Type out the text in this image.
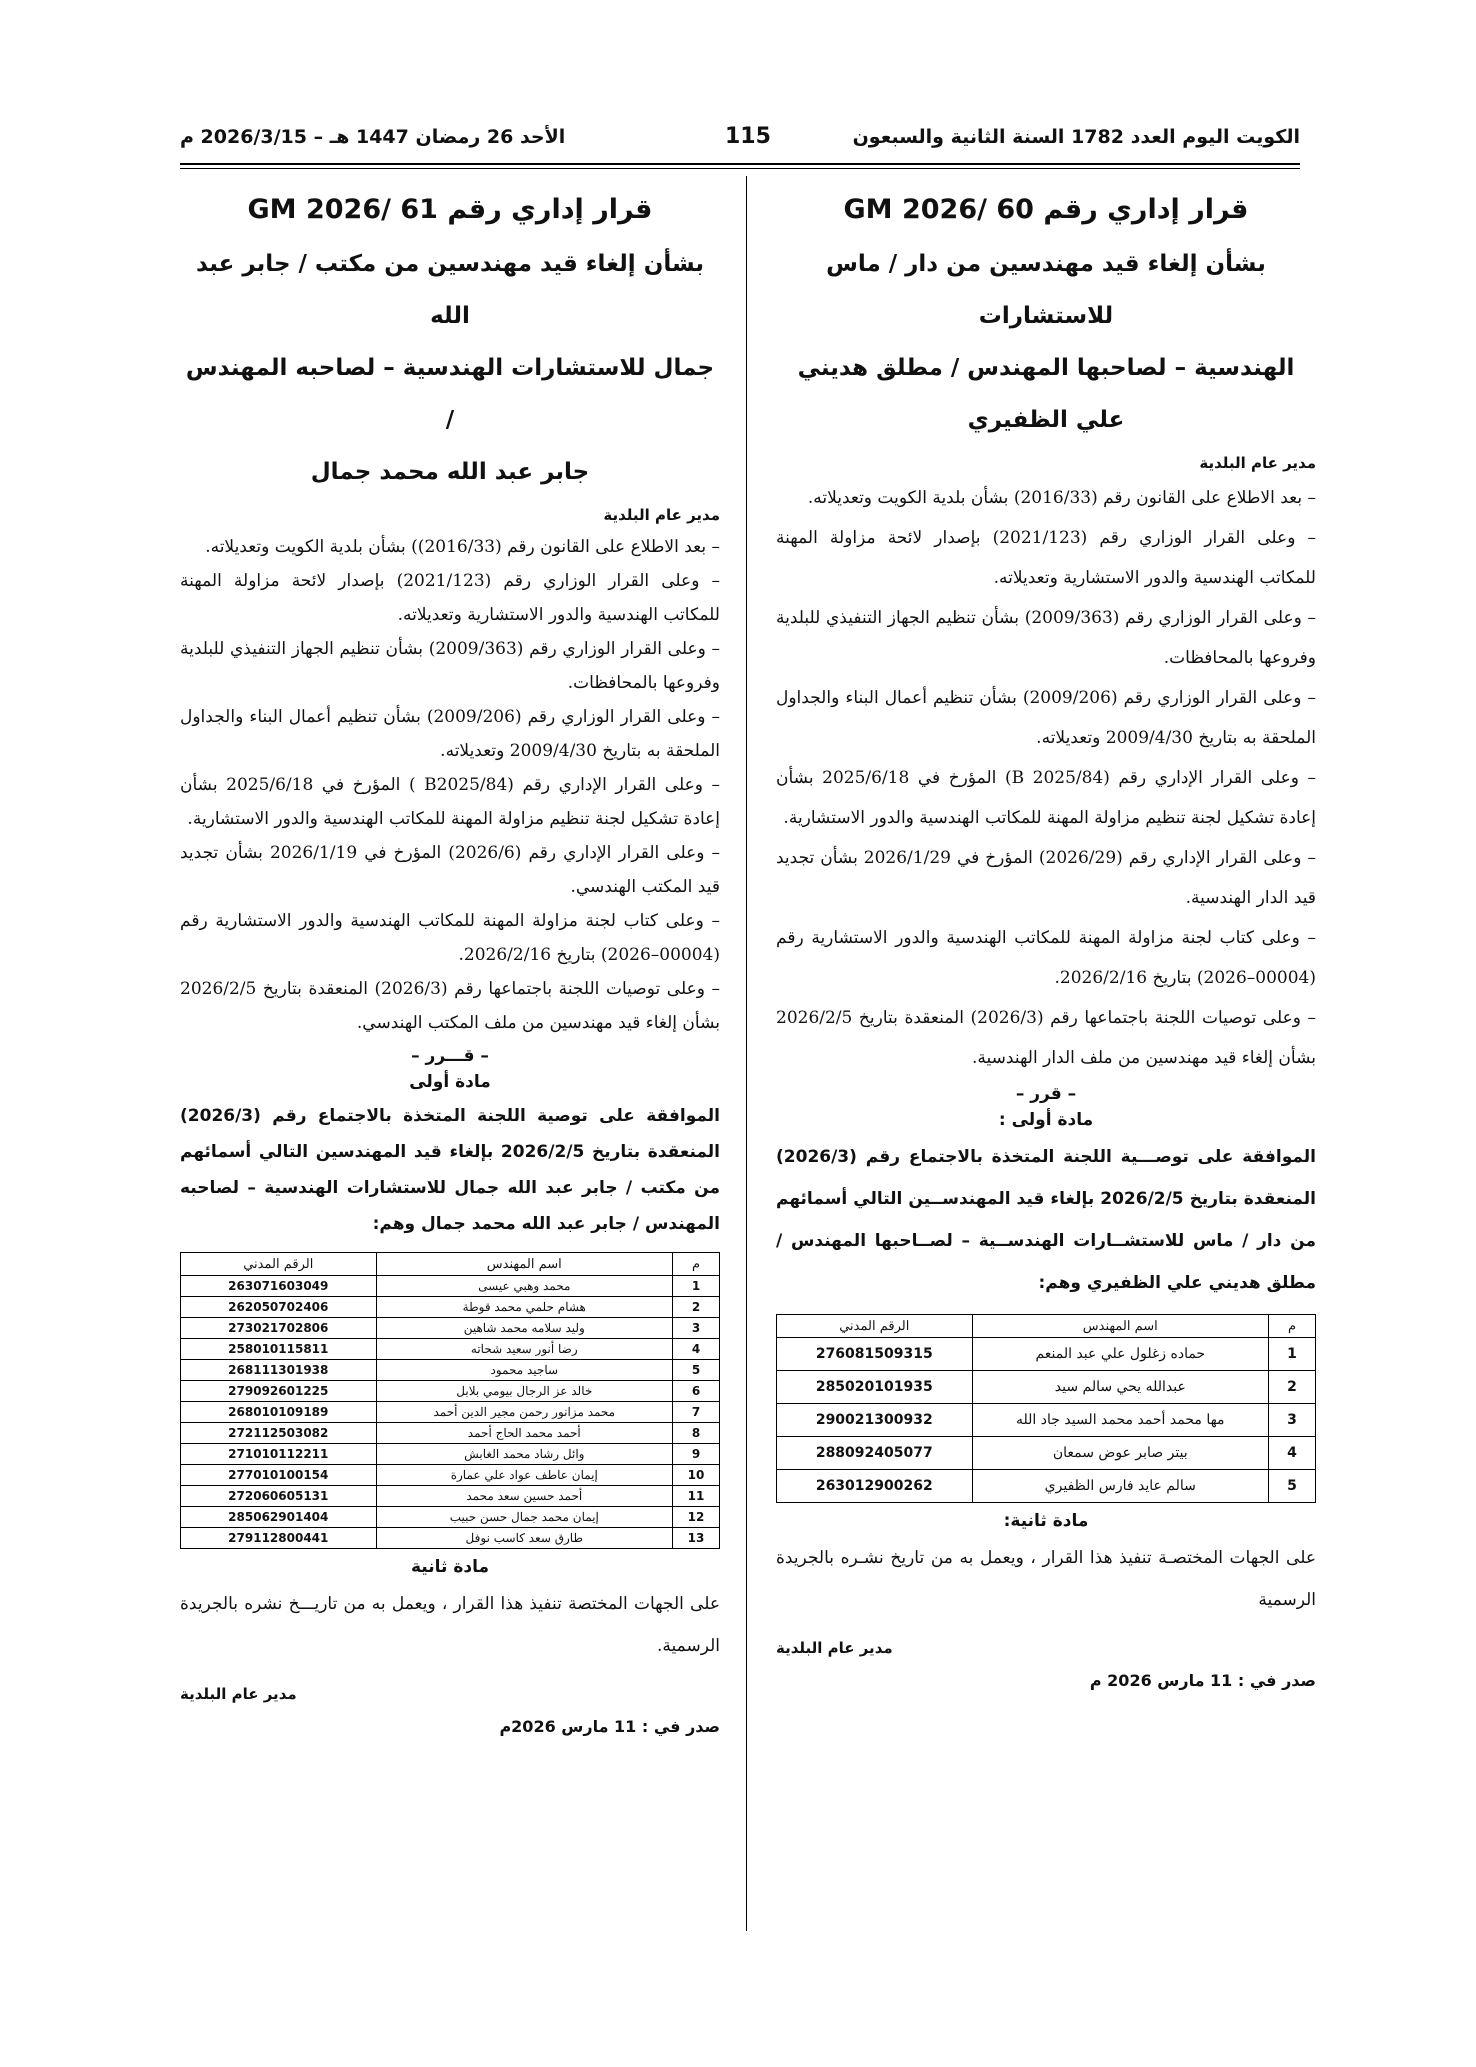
الأحد 26 رمضان 1447 هـ – 2026/3/15 م	115	الكويت اليوم العدد 1782 السنة الثانية والسبعون
قرار إداري رقم 60 /2026 GM
بشأن إلغاء قيد مهندسين من دار / ماس للاستشارات
الهندسية – لصاحبها المهندس / مطلق هديني علي الظفيري
مدير عام البلدية
– بعد الاطلاع على القانون رقم (2016/33) بشأن بلدية الكويت وتعديلاته.
– وعلى القرار الوزاري رقم (2021/123) بإصدار لائحة مزاولة المهنة للمكاتب الهندسية والدور الاستشارية وتعديلاته.
– وعلى القرار الوزاري رقم (2009/363) بشأن تنظيم الجهاز التنفيذي للبلدية وفروعها بالمحافظات.
– وعلى القرار الوزاري رقم (2009/206) بشأن تنظيم أعمال البناء والجداول الملحقة به بتاريخ 2009/4/30 وتعديلاته.
– وعلى القرار الإداري رقم (B 2025/84) المؤرخ في 2025/6/18 بشأن إعادة تشكيل لجنة تنظيم مزاولة المهنة للمكاتب الهندسية والدور الاستشارية.
– وعلى القرار الإداري رقم (2026/29) المؤرخ في 2026/1/29 بشأن تجديد قيد الدار الهندسية.
– وعلى كتاب لجنة مزاولة المهنة للمكاتب الهندسية والدور الاستشارية رقم (00004–2026) بتاريخ 2026/2/16.
– وعلى توصيات اللجنة باجتماعها رقم (2026/3) المنعقدة بتاريخ 2026/2/5 بشأن إلغاء قيد مهندسين من ملف الدار الهندسية.
– قرر –
مادة أولى :
الموافقة على توصـــية اللجنة المتخذة بالاجتماع رقم (2026/3) المنعقدة بتاريخ 2026/2/5 بإلغاء قيد المهندســين التالي أسمائهم من دار / ماس للاستشــارات الهندســية – لصــاحبها المهندس / مطلق هديني علي الظفيري وهم:
م	اسم المهندس	الرقم المدني
1	حماده زغلول علي عبد المنعم	276081509315
2	عبدالله يحي سالم سيد	285020101935
3	مها محمد أحمد محمد السيد جاد الله	290021300932
4	بيتر صابر عوض سمعان	288092405077
5	سالم عايد فارس الظفيري	263012900262
مادة ثانية:
على الجهات المختصـة تنفيذ هذا القرار ، ويعمل به من تاريخ نشـره بالجريدة الرسمية
مدير عام البلدية
صدر في : 11 مارس 2026 م
قرار إداري رقم 61 /2026 GM
بشأن إلغاء قيد مهندسين من مكتب / جابر عبد الله
جمال للاستشارات الهندسية – لصاحبه المهندس /
جابر عبد الله محمد جمال
مدير عام البلدية
– بعد الاطلاع على القانون رقم (2016/33)) بشأن بلدية الكويت وتعديلاته.
– وعلى القرار الوزاري رقم (2021/123) بإصدار لائحة مزاولة المهنة للمكاتب الهندسية والدور الاستشارية وتعديلاته.
– وعلى القرار الوزاري رقم (2009/363) بشأن تنظيم الجهاز التنفيذي للبلدية وفروعها بالمحافظات.
– وعلى القرار الوزاري رقم (2009/206) بشأن تنظيم أعمال البناء والجداول الملحقة به بتاريخ 2009/4/30 وتعديلاته.
– وعلى القرار الإداري رقم (B2025/84 ) المؤرخ في 2025/6/18 بشأن إعادة تشكيل لجنة تنظيم مزاولة المهنة للمكاتب الهندسية والدور الاستشارية.
– وعلى القرار الإداري رقم (2026/6) المؤرخ في 2026/1/19 بشأن تجديد قيد المكتب الهندسي.
– وعلى كتاب لجنة مزاولة المهنة للمكاتب الهندسية والدور الاستشارية رقم (00004–2026) بتاريخ 2026/2/16.
– وعلى توصيات اللجنة باجتماعها رقم (2026/3) المنعقدة بتاريخ 2026/2/5 بشأن إلغاء قيد مهندسين من ملف المكتب الهندسي.
– قـــرر –
مادة أولى
الموافقة على توصية اللجنة المتخذة بالاجتماع رقم (2026/3) المنعقدة بتاريخ 2026/2/5 بإلغاء قيد المهندسين التالي أسمائهم من مكتب / جابر عبد الله جمال للاستشارات الهندسية – لصاحبه المهندس / جابر عبد الله محمد جمال وهم:
م	اسم المهندس	الرقم المدني
1	محمد وهبي عيسى	263071603049
2	هشام حلمي محمد قوطة	262050702406
3	وليد سلامه محمد شاهين	273021702806
4	رضا أنور سعيد شحاته	258010115811
5	ساجيد محمود	268111301938
6	خالد عز الرجال بيومي بلابل	279092601225
7	محمد مزانور رحمن مجير الدين أحمد	268010109189
8	أحمد محمد الحاج أحمد	272112503082
9	وائل رشاد محمد الغابش	271010112211
10	إيمان عاطف عواد علي عمارة	277010100154
11	أحمد حسين سعد محمد	272060605131
12	إيمان محمد جمال حسن حبيب	285062901404
13	طارق سعد كاسب نوفل	279112800441
مادة ثانية
على الجهات المختصة تنفيذ هذا القرار ، ويعمل به من تاريـــخ نشره بالجريدة الرسمية.
مدير عام البلدية
صدر في : 11 مارس 2026م
